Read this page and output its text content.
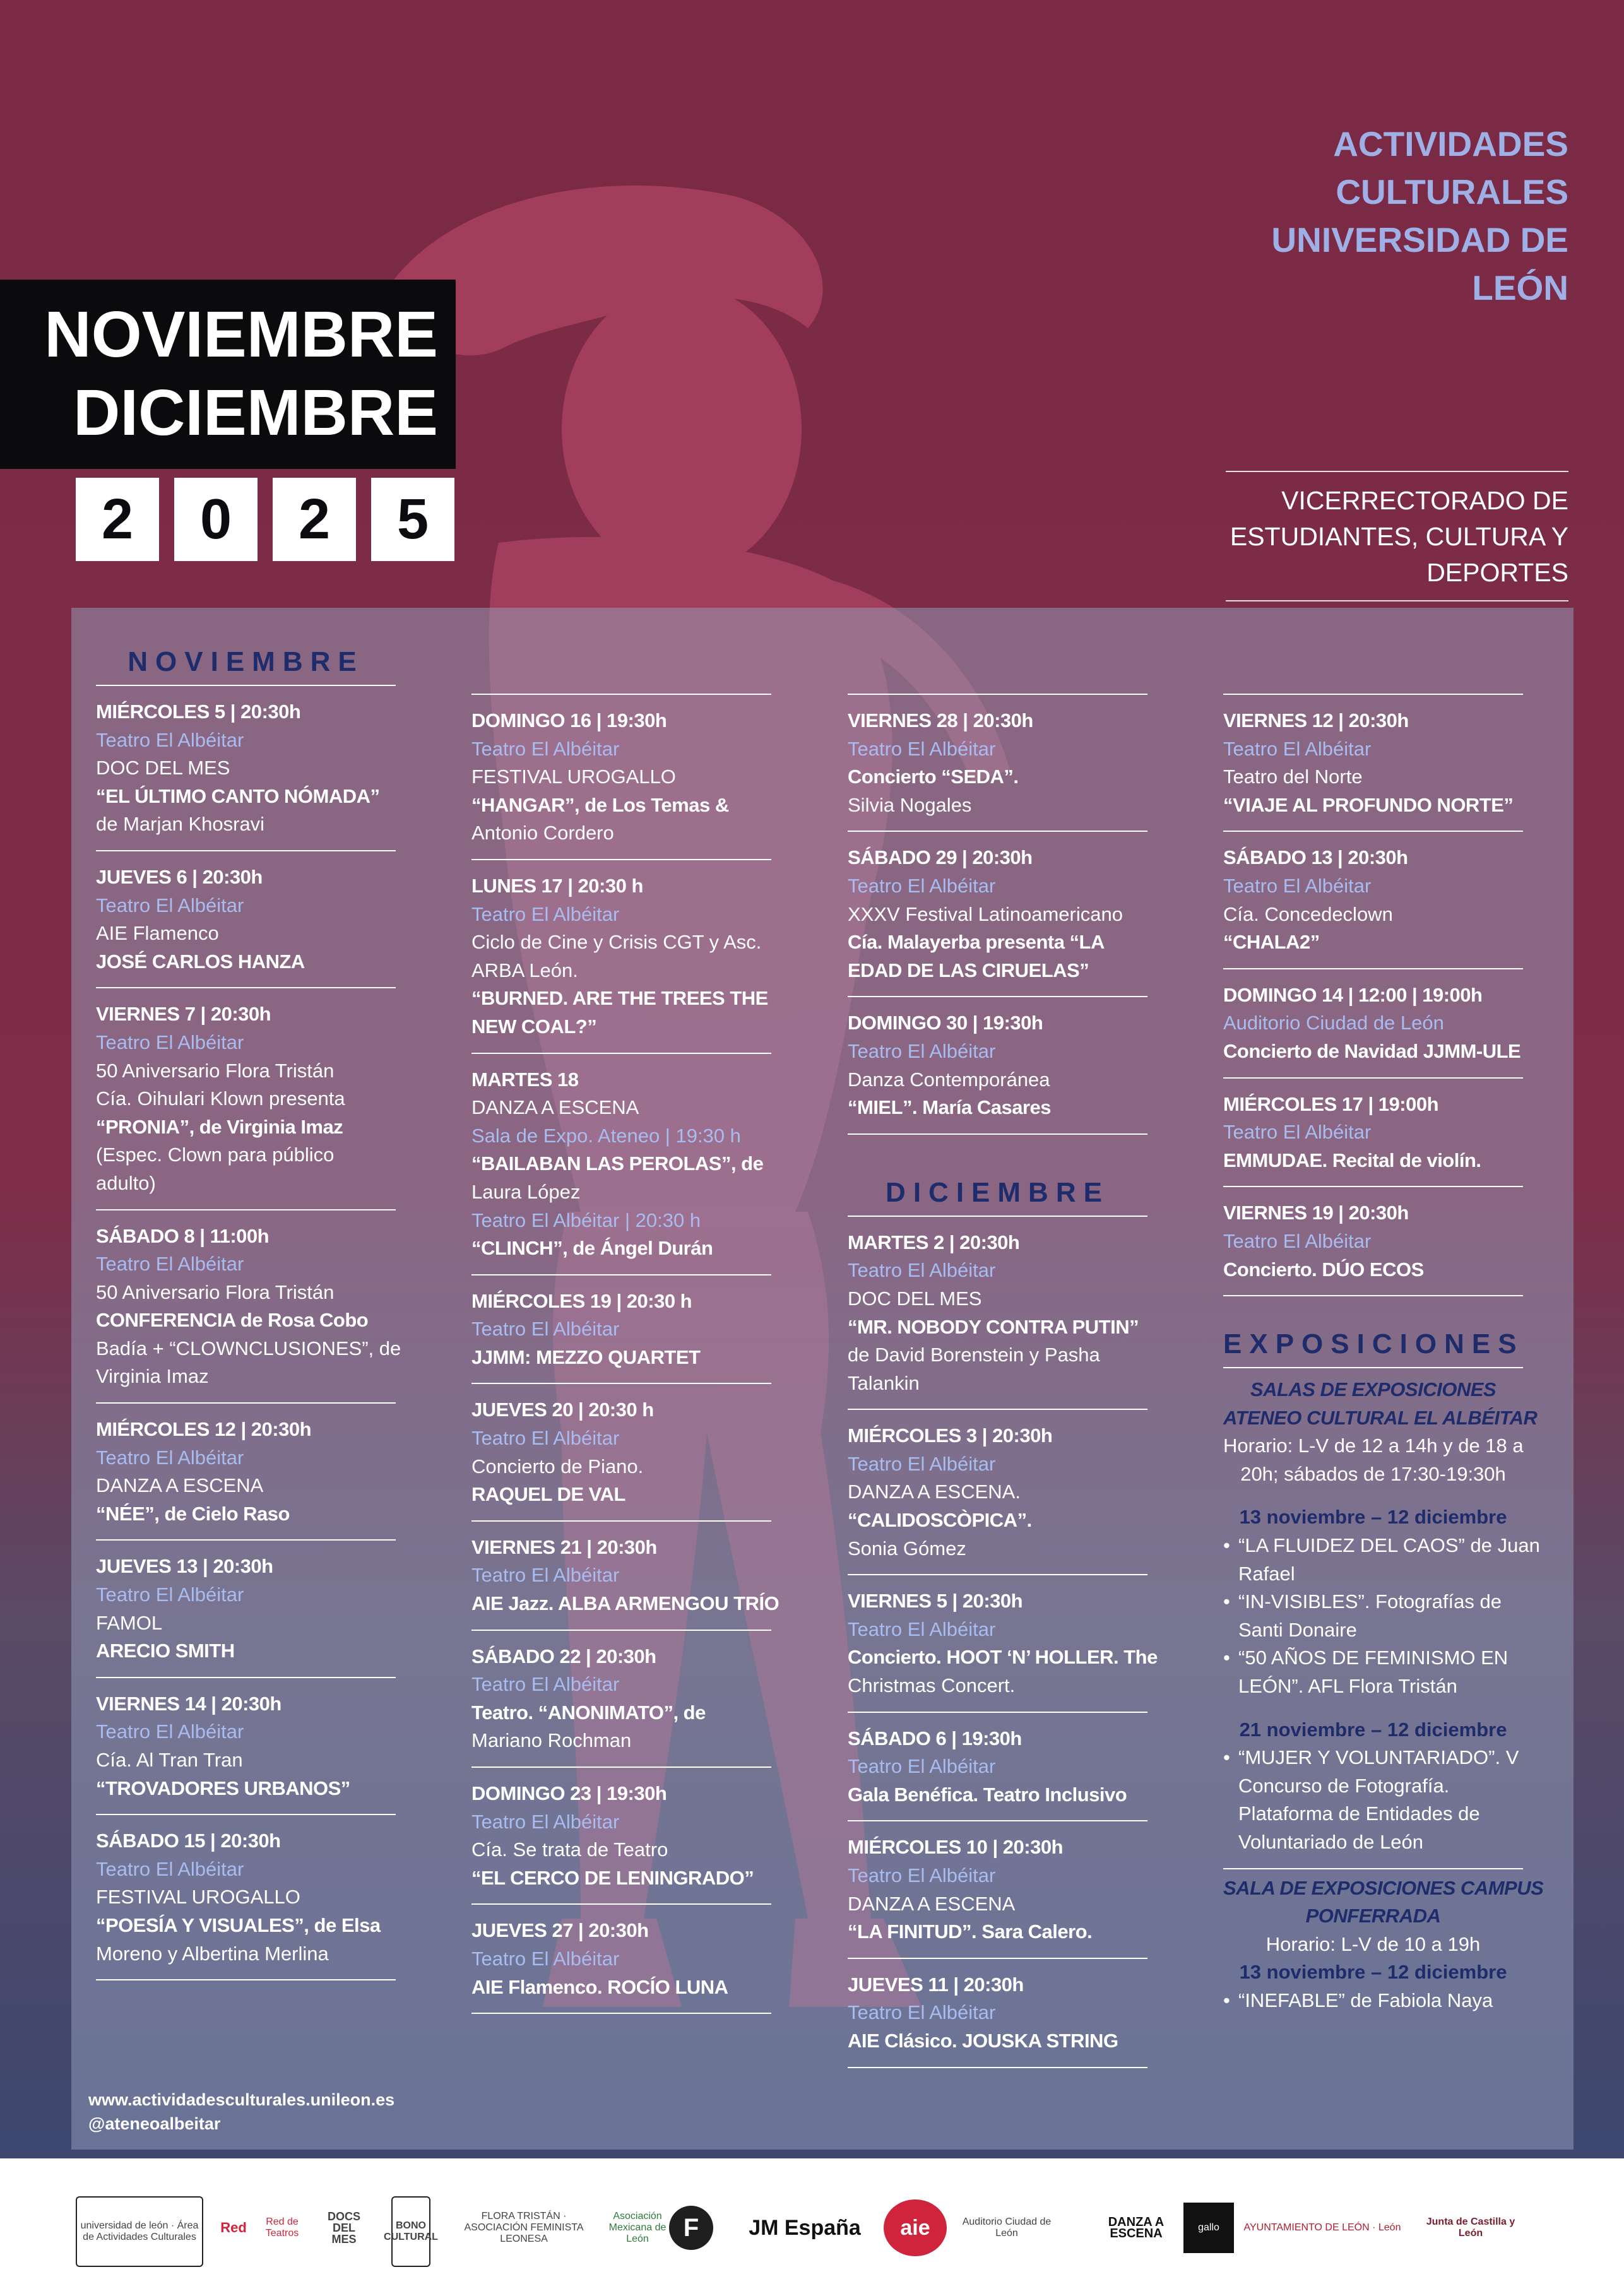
ACTIVIDADES
CULTURALES
UNIVERSIDAD DE
LEÓN
NOVIEMBRE
DICIEMBRE
2	0	2	5	VICERRECTORADO DE
ESTUDIANTES, CULTURA Y
DEPORTES
NOVIEMBRE
MIÉRCOLES 5 | 20:30h
Teatro El Albéitar
DOC DEL MES
“EL ÚLTIMO CANTO NÓMADA”
de Marjan Khosravi
JUEVES 6 | 20:30h
Teatro El Albéitar
AIE Flamenco
JOSÉ CARLOS HANZA
VIERNES 7 | 20:30h
Teatro El Albéitar
50 Aniversario Flora Tristán
Cía. Oihulari Klown presenta
“PRONIA”, de Virginia Imaz
(Espec. Clown para público
adulto)
SÁBADO 8 | 11:00h
Teatro El Albéitar
50 Aniversario Flora Tristán
CONFERENCIA de Rosa Cobo
Badía + “CLOWNCLUSIONES”, de
Virginia Imaz
MIÉRCOLES 12 | 20:30h
Teatro El Albéitar
DANZA A ESCENA
“NÉE”, de Cielo Raso
JUEVES 13 | 20:30h
Teatro El Albéitar
FAMOL
ARECIO SMITH
VIERNES 14 | 20:30h
Teatro El Albéitar
Cía. Al Tran Tran
“TROVADORES URBANOS”
SÁBADO 15 | 20:30h
Teatro El Albéitar
FESTIVAL UROGALLO
“POESÍA Y VISUALES”, de Elsa
Moreno y Albertina Merlina
DOMINGO 16 | 19:30h
Teatro El Albéitar
FESTIVAL UROGALLO
“HANGAR”, de Los Temas &
Antonio Cordero
LUNES 17 | 20:30 h
Teatro El Albéitar
Ciclo de Cine y Crisis CGT y Asc.
ARBA León.
“BURNED. ARE THE TREES THE
NEW COAL?”
MARTES 18
DANZA A ESCENA
Sala de Expo. Ateneo | 19:30 h
“BAILABAN LAS PEROLAS”, de
Laura López
Teatro El Albéitar | 20:30 h
“CLINCH”, de Ángel Durán
MIÉRCOLES 19 | 20:30 h
Teatro El Albéitar
JJMM: MEZZO QUARTET
JUEVES 20 | 20:30 h
Teatro El Albéitar
Concierto de Piano.
RAQUEL DE VAL
VIERNES 21 | 20:30h
Teatro El Albéitar
AIE Jazz. ALBA ARMENGOU TRÍO
SÁBADO 22 | 20:30h
Teatro El Albéitar
Teatro. “ANONIMATO”, de
Mariano Rochman
DOMINGO 23 | 19:30h
Teatro El Albéitar
Cía. Se trata de Teatro
“EL CERCO DE LENINGRADO”
JUEVES 27 | 20:30h
Teatro El Albéitar
AIE Flamenco. ROCÍO LUNA
VIERNES 28 | 20:30h
Teatro El Albéitar
Concierto “SEDA”.
Silvia Nogales
SÁBADO 29 | 20:30h
Teatro El Albéitar
XXXV Festival Latinoamericano
Cía. Malayerba presenta “LA
EDAD DE LAS CIRUELAS”
DOMINGO 30 | 19:30h
Teatro El Albéitar
Danza Contemporánea
“MIEL”. María Casares
DICIEMBRE
MARTES 2 | 20:30h
Teatro El Albéitar
DOC DEL MES
“MR. NOBODY CONTRA PUTIN”
de David Borenstein y Pasha
Talankin
MIÉRCOLES 3 | 20:30h
Teatro El Albéitar
DANZA A ESCENA.
“CALIDOSCÒPICA”.
Sonia Gómez
VIERNES 5 | 20:30h
Teatro El Albéitar
Concierto. HOOT ‘N’ HOLLER. The
Christmas Concert.
SÁBADO 6 | 19:30h
Teatro El Albéitar
Gala Benéfica. Teatro Inclusivo
MIÉRCOLES 10 | 20:30h
Teatro El Albéitar
DANZA A ESCENA
“LA FINITUD”. Sara Calero.
JUEVES 11 | 20:30h
Teatro El Albéitar
AIE Clásico. JOUSKA STRING
VIERNES 12 | 20:30h
Teatro El Albéitar
Teatro del Norte
“VIAJE AL PROFUNDO NORTE”
SÁBADO 13 | 20:30h
Teatro El Albéitar
Cía. Concedeclown
“CHALA2”
DOMINGO 14 | 12:00 | 19:00h
Auditorio Ciudad de León
Concierto de Navidad JJMM-ULE
MIÉRCOLES 17 | 19:00h
Teatro El Albéitar
EMMUDAE. Recital de violín.
VIERNES 19 | 20:30h
Teatro El Albéitar
Concierto. DÚO ECOS
EXPOSICIONES
SALAS DE EXPOSICIONES
ATENEO CULTURAL EL ALBÉITAR
Horario: L-V de 12 a 14h y de 18 a
20h; sábados de 17:30-19:30h
13 noviembre – 12 diciembre
• “LA FLUIDEZ DEL CAOS” de Juan
Rafael
• “IN-VISIBLES”. Fotografías de
Santi Donaire
• “50 AÑOS DE FEMINISMO EN
LEÓN”. AFL Flora Tristán
21 noviembre – 12 diciembre
• “MUJER Y VOLUNTARIADO”. V
Concurso de Fotografía.
Plataforma de Entidades de
Voluntariado de León
SALA DE EXPOSICIONES CAMPUS
PONFERRADA
Horario: L-V de 10 a 19h
13 noviembre – 12 diciembre
• “INEFABLE” de Fabiola Naya
www.actividadesculturales.unileon.es
@ateneoalbeitar
universidad de león · Área de Actividades Culturales
Red	Red de Teatros
DOCS DEL MES
BONO CULTURAL
FLORA TRISTÁN · ASOCIACIÓN FEMINISTA LEONESA
Asociación Mexicana de León	F	JM España	aie	Auditorio Ciudad de León
DANZA A ESCENA	gallo	AYUNTAMIENTO DE LEÓN · León
Junta de Castilla y León
